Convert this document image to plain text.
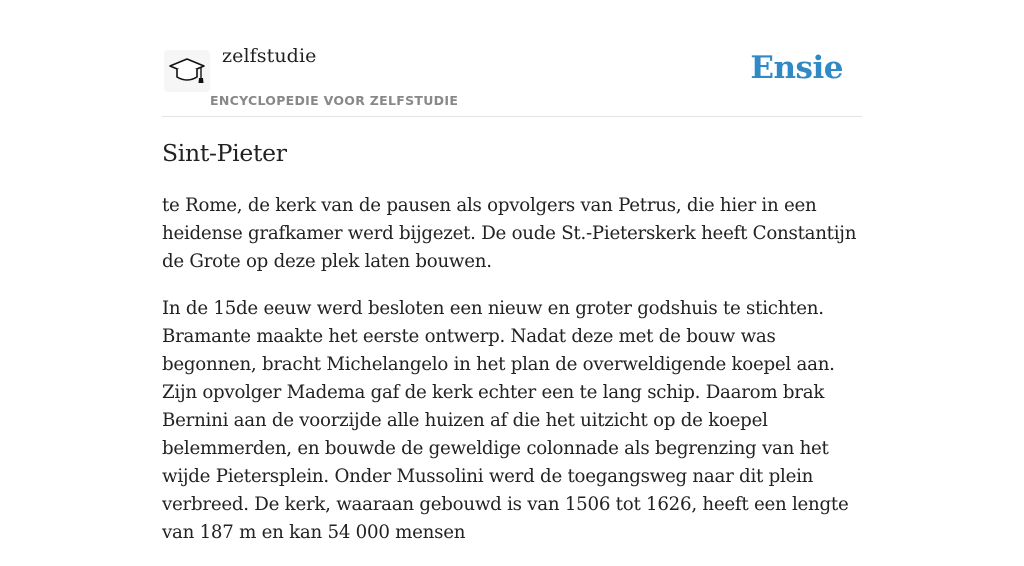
zelfstudie
ENCYCLOPEDIE VOOR ZELFSTUDIE
Ensie
Sint-Pieter

te Rome, de kerk van de pausen als opvolgers van Petrus, die hier in een heidense grafkamer werd bijgezet. De oude St.-Pieterskerk heeft Constantijn de Grote op deze plek laten bouwen.

In de 15de eeuw werd besloten een nieuw en groter godshuis te stichten. Bramante maakte het eerste ontwerp. Nadat deze met de bouw was begonnen, bracht Michelangelo in het plan de overweldigende koepel aan. Zijn opvolger Madema gaf de kerk echter een te lang schip. Daarom brak Bernini aan de voorzijde alle huizen af die het uitzicht op de koepel belemmerden, en bouwde de geweldige colonnade als begrenzing van het wijde Pietersplein. Onder Mussolini werd de toegangsweg naar dit plein verbreed. De kerk, waaraan gebouwd is van 1506 tot 1626, heeft een lengte van 187 m en kan 54 000 mensen
